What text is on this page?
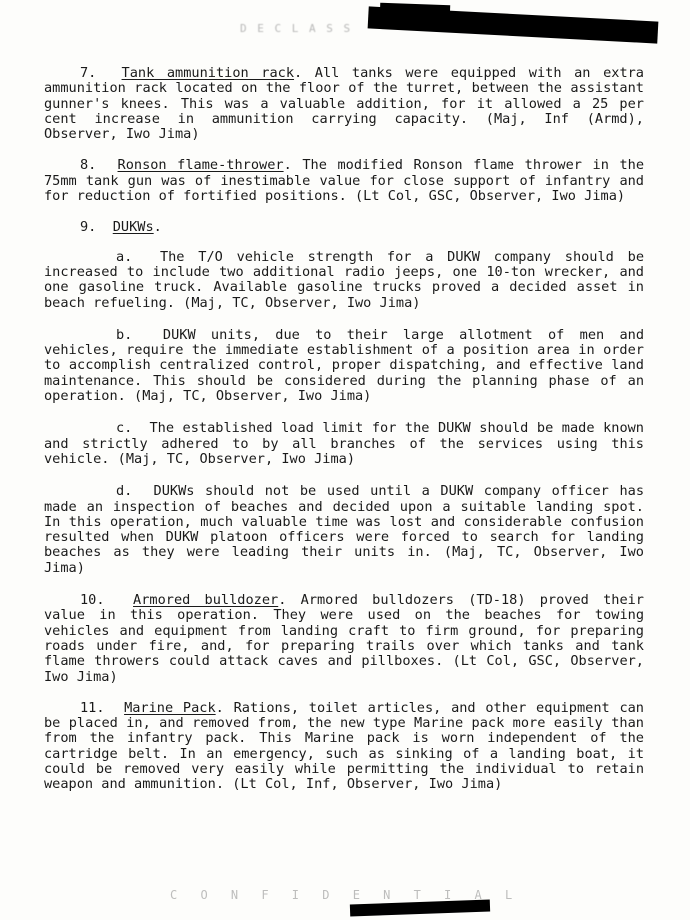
D E C L A S S

7. Tank ammunition rack. All tanks were equipped with an extra ammunition rack located on the floor of the turret, between the assistant gunner's knees. This was a valuable addition, for it allowed a 25 per cent increase in ammunition carrying capacity. (Maj, Inf (Armd), Observer, Iwo Jima)

8. Ronson flame-thrower. The modified Ronson flame thrower in the 75mm tank gun was of inestimable value for close support of infantry and for reduction of fortified positions. (Lt Col, GSC, Observer, Iwo Jima)

9. DUKWs.

a. The T/O vehicle strength for a DUKW company should be increased to include two additional radio jeeps, one 10-ton wrecker, and one gasoline truck. Available gasoline trucks proved a decided asset in beach refueling. (Maj, TC, Observer, Iwo Jima)

b. DUKW units, due to their large allotment of men and vehicles, require the immediate establishment of a position area in order to accomplish centralized control, proper dispatching, and effective land maintenance. This should be considered during the planning phase of an operation. (Maj, TC, Observer, Iwo Jima)

c. The established load limit for the DUKW should be made known and strictly adhered to by all branches of the services using this vehicle. (Maj, TC, Observer, Iwo Jima)

d. DUKWs should not be used until a DUKW company officer has made an inspection of beaches and decided upon a suitable landing spot. In this operation, much valuable time was lost and considerable confusion resulted when DUKW platoon officers were forced to search for landing beaches as they were leading their units in. (Maj, TC, Observer, Iwo Jima)

10. Armored bulldozer. Armored bulldozers (TD-18) proved their value in this operation. They were used on the beaches for towing vehicles and equipment from landing craft to firm ground, for preparing roads under fire, and, for preparing trails over which tanks and tank flame throwers could attack caves and pillboxes. (Lt Col, GSC, Observer, Iwo Jima)

11. Marine Pack. Rations, toilet articles, and other equipment can be placed in, and removed from, the new type Marine pack more easily than from the infantry pack. This Marine pack is worn independent of the cartridge belt. In an emergency, such as sinking of a landing boat, it could be removed very easily while permitting the individual to retain weapon and ammunition. (Lt Col, Inf, Observer, Iwo Jima)

C O N F I D E N T I A L
